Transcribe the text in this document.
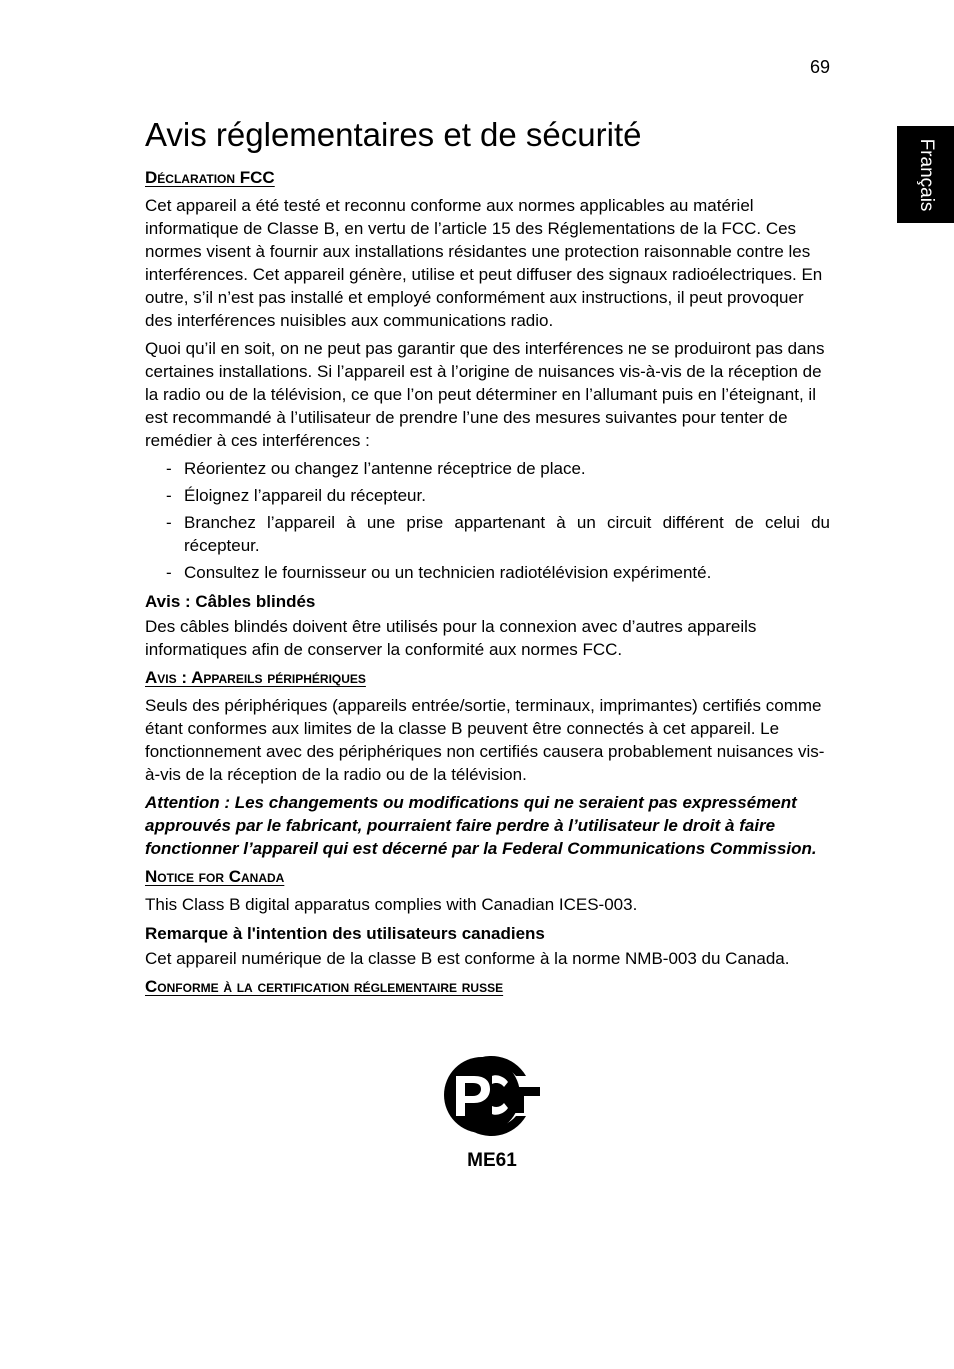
69
Français
Avis réglementaires et de sécurité
Déclaration FCC

Cet appareil a été testé et reconnu conforme aux normes applicables au matériel informatique de Classe B, en vertu de l’article 15 des Réglementations de la FCC. Ces normes visent à fournir aux installations résidantes une protection raisonnable contre les interférences. Cet appareil génère, utilise et peut diffuser des signaux radioélectriques. En outre, s’il n’est pas installé et employé conformément aux instructions, il peut provoquer des interférences nuisibles aux communications radio.

Quoi qu’il en soit, on ne peut pas garantir que des interférences ne se produiront pas dans certaines installations. Si l’appareil est à l’origine de nuisances vis-à-vis de la réception de la radio ou de la télévision, ce que l’on peut déterminer en l’allumant puis en l’éteignant, il est recommandé à l’utilisateur de prendre l’une des mesures suivantes pour tenter de remédier à ces interférences :

- Réorientez ou changez l’antenne réceptrice de place.
- Éloignez l’appareil du récepteur.
- Branchez l’appareil à une prise appartenant à un circuit différent de celui du récepteur.
- Consultez le fournisseur ou un technicien radiotélévision expérimenté.
Avis : Câbles blindés

Des câbles blindés doivent être utilisés pour la connexion avec d’autres appareils informatiques afin de conserver la conformité aux normes FCC.

Avis : Appareils périphériques

Seuls des périphériques (appareils entrée/sortie, terminaux, imprimantes) certifiés comme étant conformes aux limites de la classe B peuvent être connectés à cet appareil. Le fonctionnement avec des périphériques non certifiés causera probablement nuisances vis-à-vis de la réception de la radio ou de la télévision.

Attention : Les changements ou modifications qui ne seraient pas expressément approuvés par le fabricant, pourraient faire perdre à l’utilisateur le droit à faire fonctionner l’appareil qui est décerné par la Federal Communications Commission.
Notice for Canada

This Class B digital apparatus complies with Canadian ICES-003.

Remarque à l'intention des utilisateurs canadiens

Cet appareil numérique de la classe B est conforme à la norme NMB-003 du Canada.

Conforme à la certification réglementaire russe
ME61
